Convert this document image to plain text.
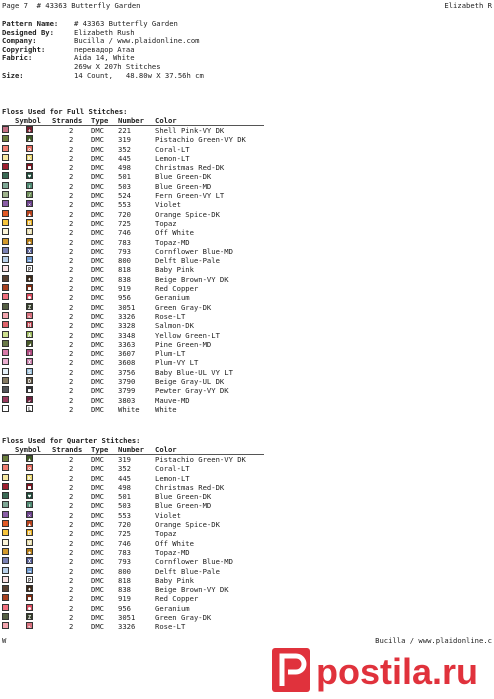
Page 7  # 43363 Butterfly Garden	Elizabeth R
Pattern Name:	# 43363 Butterfly Garden
Designed By:	Elizabeth Rush
Company:	Bucilla / www.plaidonline.com
Copyright:	перевадор Атаа
Fabric:	Aida 14, White
269w X 207h Stitches
Size:	14 Count,   48.80w X 37.56h cm
Floss Used for Full Stitches:
Symbol Strands Type Number Color
+	2 DMC 221	Shell Pink-VY DK
▲	2 DMC 319	Pistachio Green-VY DK
o	2 DMC 352	Coral-LT
K	2 DMC 445	Lemon-LT
■	2 DMC 498	Christmas Red-DK
♥	2 DMC 501	Blue Green-DK
↑	2 DMC 503	Blue Green-MD
/	2 DMC 524	Fern Green-VY LT
✕	2 DMC 553	Violet
▲	2 DMC 720	Orange Spice-DK
B	2 DMC 725	Topaz
V	2 DMC 746	Off White
◆	2 DMC 783	Topaz-MD
X	2 DMC 793	Cornflower Blue-MD
→	2 DMC 800	Delft Blue-Pale
P	2 DMC 818	Baby Pink
♦	2 DMC 838	Beige Brown-VY DK
■	2 DMC 919	Red Copper
●	2 DMC 956	Geranium
Z	2 DMC 3051	Green Gray-DK
↖	2 DMC 3326	Rose-LT
H	2 DMC 3328	Salmon-DK
A	2 DMC 3348	Yellow Green-LT
◢	2 DMC 3363	Pine Green-MD
↑	2 DMC 3607	Plum-LT
X	2 DMC 3608	Plum-VY LT
S	2 DMC 3756	Baby Blue-UL VY LT
D	2 DMC 3790	Beige Gray-UL DK
■	2 DMC 3799	Pewter Gray-VY DK
↙	2 DMC 3803	Mauve-MD
L	2 DMC White White
Floss Used for Quarter Stitches:
Symbol Strands Type Number Color
▲	2 DMC 319	Pistachio Green-VY DK
o	2 DMC 352	Coral-LT
K	2 DMC 445	Lemon-LT
■	2 DMC 498	Christmas Red-DK
♥	2 DMC 501	Blue Green-DK
↑	2 DMC 503	Blue Green-MD
✕	2 DMC 553	Violet
▲	2 DMC 720	Orange Spice-DK
B	2 DMC 725	Topaz
V	2 DMC 746	Off White
◆	2 DMC 783	Topaz-MD
X	2 DMC 793	Cornflower Blue-MD
→	2 DMC 800	Delft Blue-Pale
P	2 DMC 818	Baby Pink
♦	2 DMC 838	Beige Brown-VY DK
■	2 DMC 919	Red Copper
●	2 DMC 956	Geranium
Z	2 DMC 3051	Green Gray-DK
↖	2 DMC 3326	Rose-LT
W	Bucilla / www.plaidonline.c
postila.ru
